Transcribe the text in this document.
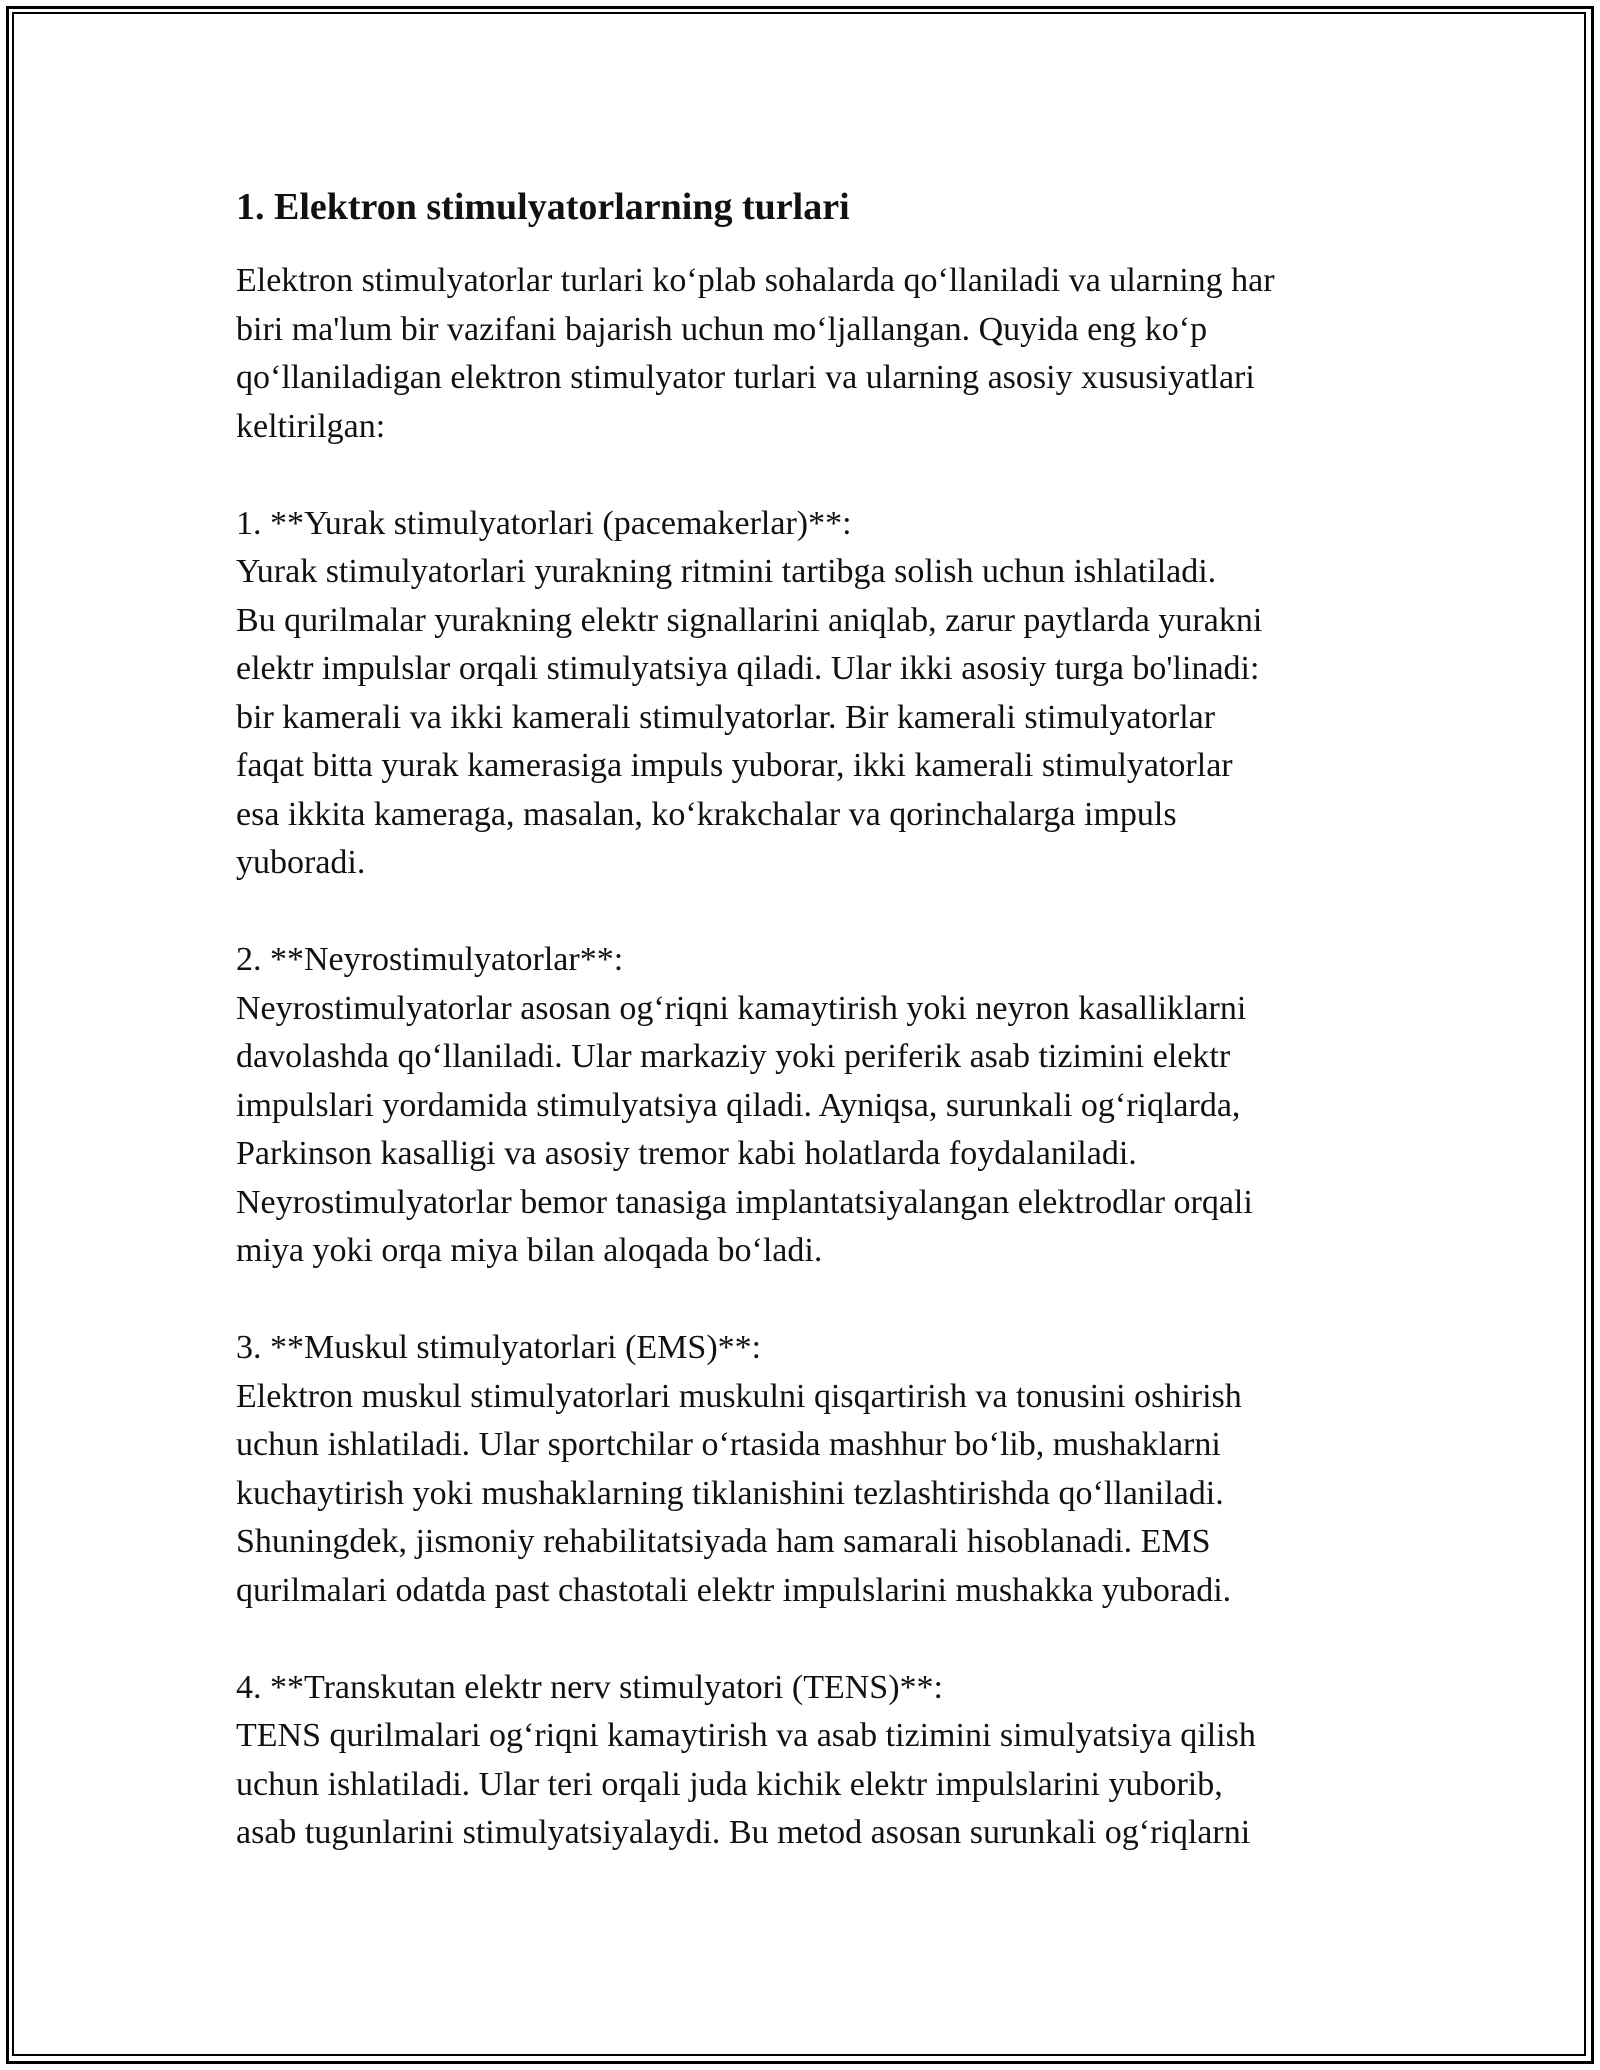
1. Elektron stimulyatorlarning turlari

Elektron stimulyatorlar turlari ko‘plab sohalarda qo‘llaniladi va ularning har
biri ma'lum bir vazifani bajarish uchun mo‘ljallangan. Quyida eng ko‘p
qo‘llaniladigan elektron stimulyator turlari va ularning asosiy xususiyatlari
keltirilgan:

1. **Yurak stimulyatorlari (pacemakerlar)**:

Yurak stimulyatorlari yurakning ritmini tartibga solish uchun ishlatiladi.
Bu qurilmalar yurakning elektr signallarini aniqlab, zarur paytlarda yurakni
elektr impulslar orqali stimulyatsiya qiladi. Ular ikki asosiy turga bo'linadi:
bir kamerali va ikki kamerali stimulyatorlar. Bir kamerali stimulyatorlar
faqat bitta yurak kamerasiga impuls yuborar, ikki kamerali stimulyatorlar
esa ikkita kameraga, masalan, ko‘krakchalar va qorinchalarga impuls
yuboradi.

2. **Neyrostimulyatorlar**:

Neyrostimulyatorlar asosan og‘riqni kamaytirish yoki neyron kasalliklarni
davolashda qo‘llaniladi. Ular markaziy yoki periferik asab tizimini elektr
impulslari yordamida stimulyatsiya qiladi. Ayniqsa, surunkali og‘riqlarda,
Parkinson kasalligi va asosiy tremor kabi holatlarda foydalaniladi.
Neyrostimulyatorlar bemor tanasiga implantatsiyalangan elektrodlar orqali
miya yoki orqa miya bilan aloqada bo‘ladi.

3. **Muskul stimulyatorlari (EMS)**:

Elektron muskul stimulyatorlari muskulni qisqartirish va tonusini oshirish
uchun ishlatiladi. Ular sportchilar o‘rtasida mashhur bo‘lib, mushaklarni
kuchaytirish yoki mushaklarning tiklanishini tezlashtirishda qo‘llaniladi.
Shuningdek, jismoniy rehabilitatsiyada ham samarali hisoblanadi. EMS
qurilmalari odatda past chastotali elektr impulslarini mushakka yuboradi.

4. **Transkutan elektr nerv stimulyatori (TENS)**:

TENS qurilmalari og‘riqni kamaytirish va asab tizimini simulyatsiya qilish
uchun ishlatiladi. Ular teri orqali juda kichik elektr impulslarini yuborib,
asab tugunlarini stimulyatsiyalaydi. Bu metod asosan surunkali og‘riqlarni
